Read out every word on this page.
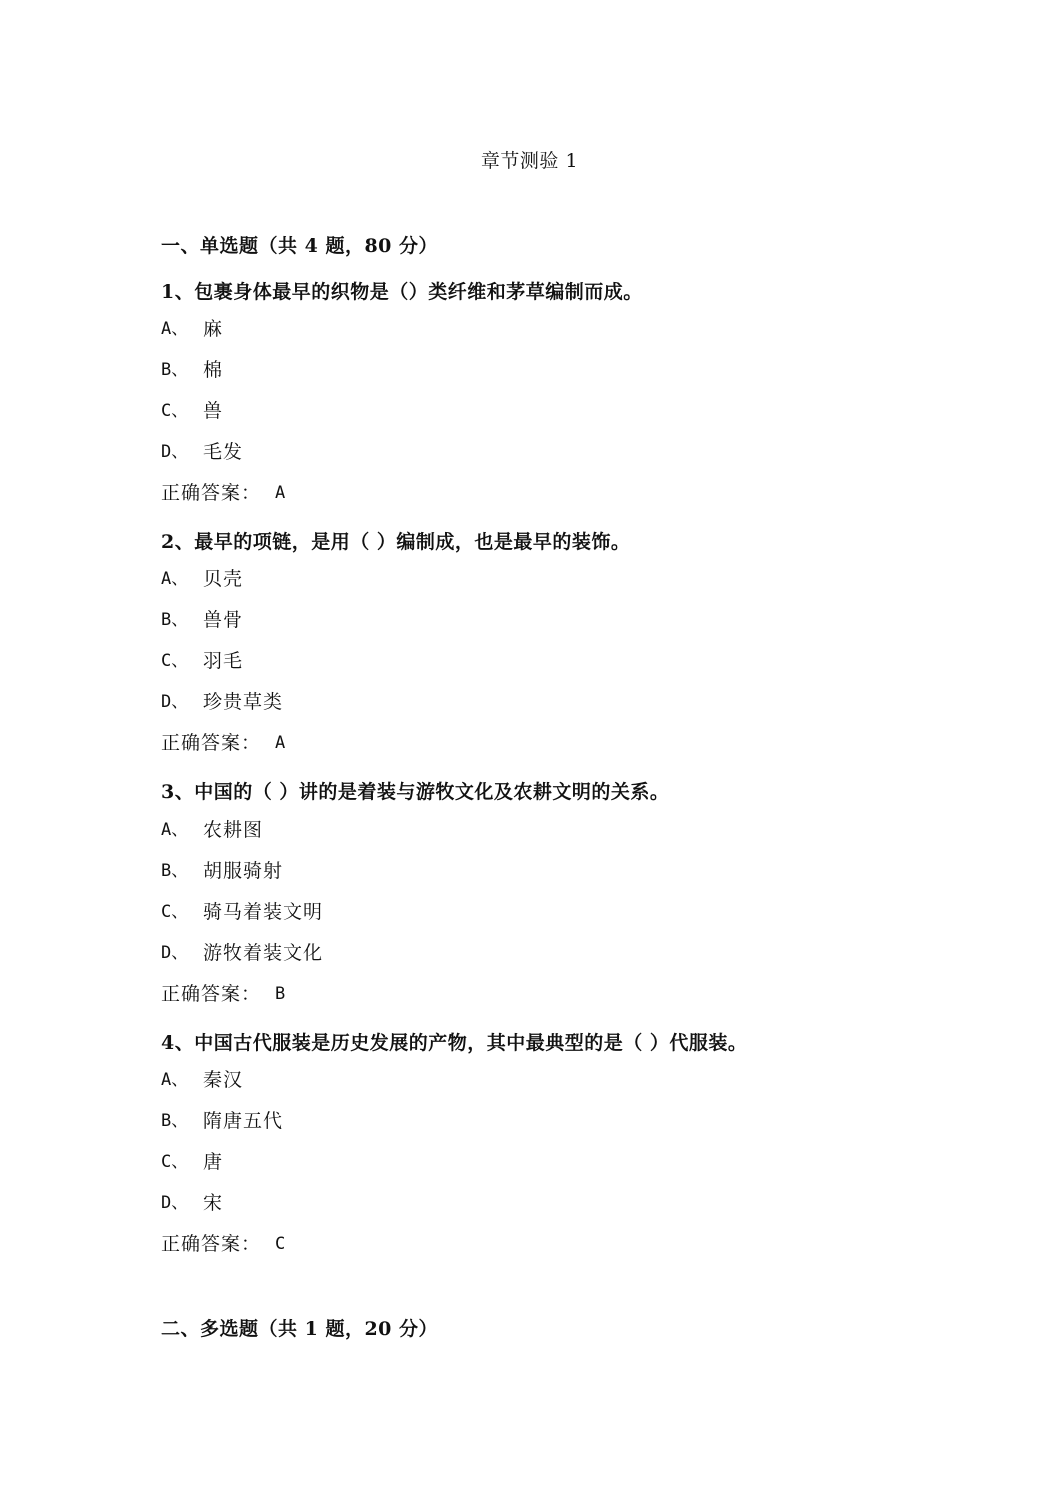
章节测验 1
一、单选题（共 4 题，80 分）
1、包裹身体最早的织物是（）类纤维和茅草编制而成。
A、 麻
B、 棉
C、 兽
D、 毛发
正确答案： A
2、最早的项链，是用（ ）编制成，也是最早的装饰。
A、 贝壳
B、 兽骨
C、 羽毛
D、 珍贵草类
正确答案： A
3、中国的（ ）讲的是着装与游牧文化及农耕文明的关系。
A、 农耕图
B、 胡服骑射
C、 骑马着装文明
D、 游牧着装文化
正确答案： B
4、中国古代服装是历史发展的产物，其中最典型的是（ ）代服装。
A、 秦汉
B、 隋唐五代
C、 唐
D、 宋
正确答案： C
二、多选题（共 1 题，20 分）
